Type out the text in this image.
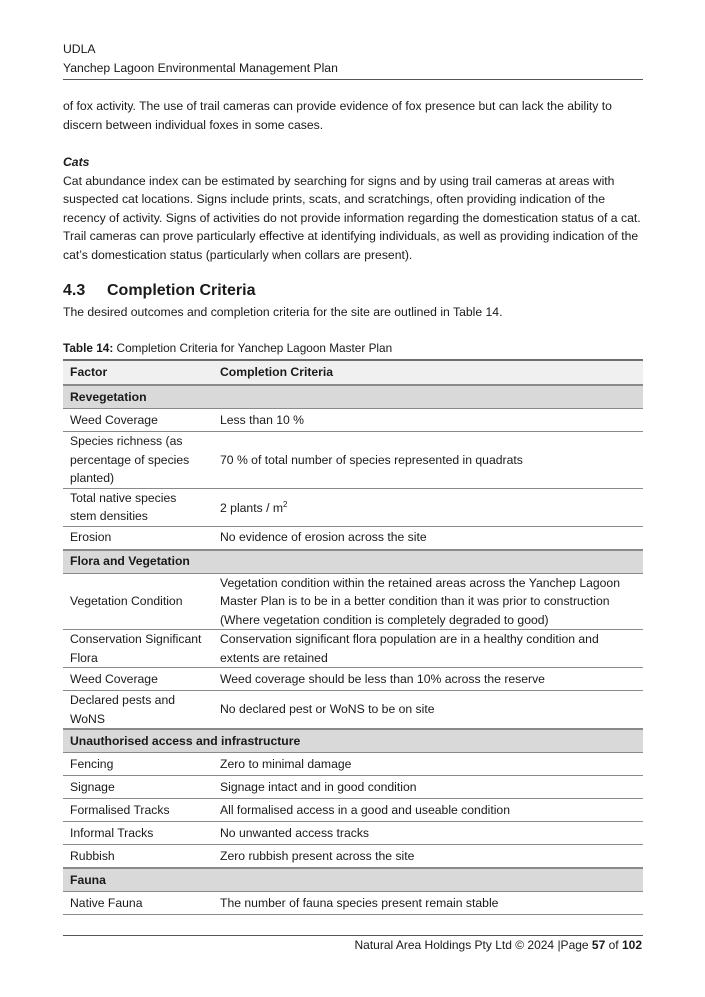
UDLA
Yanchep Lagoon Environmental Management Plan
of fox activity. The use of trail cameras can provide evidence of fox presence but can lack the ability to discern between individual foxes in some cases.
Cats
Cat abundance index can be estimated by searching for signs and by using trail cameras at areas with suspected cat locations. Signs include prints, scats, and scratchings, often providing indication of the recency of activity. Signs of activities do not provide information regarding the domestication status of a cat. Trail cameras can prove particularly effective at identifying individuals, as well as providing indication of the cat’s domestication status (particularly when collars are present).
4.3 Completion Criteria
The desired outcomes and completion criteria for the site are outlined in Table 14.
Table 14: Completion Criteria for Yanchep Lagoon Master Plan
Factor	Completion Criteria
Revegetation	
Weed Coverage	Less than 10 %
Species richness (as percentage of species planted)	70 % of total number of species represented in quadrats
Total native species stem densities	2 plants / $m^2$
Erosion	No evidence of erosion across the site
Flora and Vegetation	
Vegetation Condition	Vegetation condition within the retained areas across the Yanchep Lagoon Master Plan is to be in a better condition than it was prior to construction (Where vegetation condition is completely degraded to good)
Conservation Significant Flora	Conservation significant flora population are in a healthy condition and extents are retained
Weed Coverage	Weed coverage should be less than 10% across the reserve
Declared pests and WoNS	No declared pest or WoNS to be on site
Unauthorised access and infrastructure	
Fencing	Zero to minimal damage
Signage	Signage intact and in good condition
Formalised Tracks	All formalised access in a good and useable condition
Informal Tracks	No unwanted access tracks
Rubbish	Zero rubbish present across the site
Fauna	
Native Fauna	The number of fauna species present remain stable
Natural Area Holdings Pty Ltd © 2024 |Page 57 of 102
